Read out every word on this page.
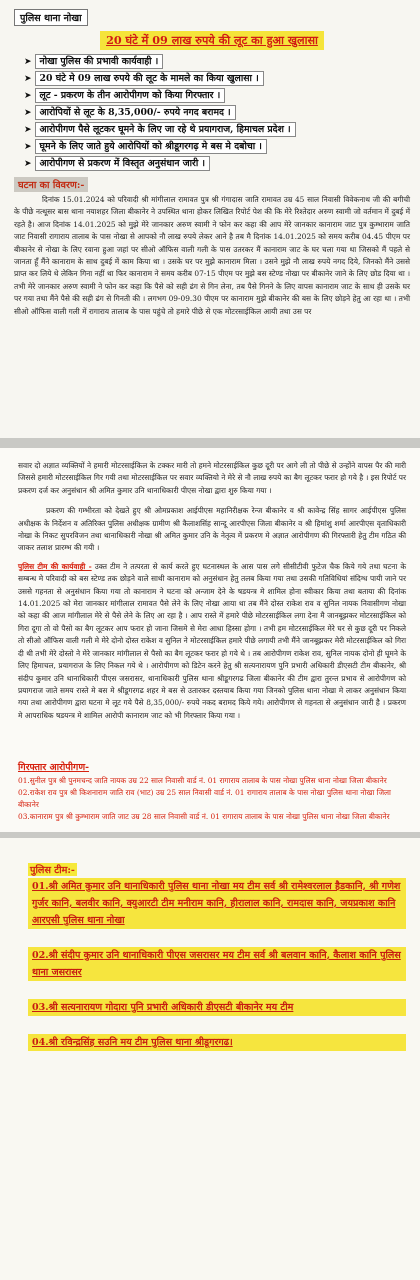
पुलिस थाना नोखा
20 घंटे में 09 लाख रुपये की लूट का हुआ खुलासा
➤ नोखा पुलिस की प्रभावी कार्यवाही ।
➤ 20 घंटे मे 09 लाख रुपये की लूट के मामले का किया खुलासा ।
➤ लूट - प्रकरण के तीन आरोपीगण को किया गिरफ्तार ।
➤ आरोपियों से लूट के 8,35,000/- रुपये नगद बरामद ।
➤ आरोपीगण पैसे लूटकर घूमने के लिए जा रहे थे प्रयागराज, हिमाचल प्रदेश ।
➤ घूमने के लिए जाते हुये आरोपियों को श्रीडूगरगढ़ मे बस मे दबोचा ।
➤ आरोपीगण से प्रकरण में विस्तृत अनुसंधान जारी ।
घटना का विवरण:-

दिनांक 15.01.2024 को परिवादी श्री मांगीलाल रामावत पुत्र श्री गंगादास जाति रामावत उम्र 45 साल निवासी विवेकनाथ जी की बगीची के पीछे नत्थूसर बास थाना नयाशहर जिला बीकानेर ने उपस्थित थाना होकर लिखित रिपोर्ट पेश की कि मेरे रिश्तेदार अरुण स्वामी जो वर्तमान में दुबई में रहते है। आज दिनांक 14.01.2025 को मुझे मेरे जानकार अरुण स्वामी ने फोन कर कहा की आप मेरे जानकार कानाराम जाट पुत्र कुम्भाराम जाति जाट निवासी रागाराय तालाब के पास नोखा से आपको नौ लाख रुपये लेकर आने है तब मै दिनांक 14.01.2025 को समय करीब 04.45 पीएम पर बीकानेर से नोखा के लिए रवाना हुआ जहां पर सीओ ऑफिस वाली गली के पास उतरकर मैं कानाराम जाट के घर चला गया था जिसको मैं पहले से जानता हूँ मैंने कानाराम के साथ दुबई में काम किया था । उसके घर पर मुझे कानाराम मिला । उसने मुझे नौ लाख रुपये नगद दिये, जिनको मैंने उससे प्राप्त कर लिये थे लेकिन गिना नहीं था फिर कानाराम ने समय करीब 07-15 पीएम पर मुझे बस स्टेण्ड नोखा पर बीकानेर जाने के लिए छोड दिया था । तभी मेरे जानकार अरुण स्वामी ने फोन कर कहा कि पैसे को सही ढंग से गिन लेना, तब पैसे गिनने के लिए वापस कानाराम जाट के साथ ही उसके घर पर गया तथा मैंने पैसे की सही ढंग से गिनती की । लगभग 09-09.30 पीएम पर कानाराम मुझे बीकानेर की बस के लिए छोड़ने हेतु आ रहा था । तभी सीओ ऑफिस वाली गली में रागाराय तालाब के पास पहुंचे तो हमारे पीछे से एक मोटरसाईकिल आयी तथा उस पर

सवार दो अज्ञात व्यक्तियों ने हमारी मोटरसाईकिल के टक्कर मारी तो हमने मोटरसाईकिल कुछ दूरी पर आगे ली तो पीछे से उन्होंने वापस पैर की मारी जिससे हमारी मोटरसाईकिल गिर गयी तथा मोटरसाईकिल पर सवार व्यक्तियो ने मेरे से नौ लाख रुपये का बैग लूटकर फरार हो गये है । इस रिपोर्ट पर प्रकरण दर्ज कर अनुसंधान श्री अमित कुमार उनि थानाधिकारी पीएस नोखा द्वारा शुरु किया गया ।

प्रकरण की गम्भीरता को देखते हुए श्री ओमप्रकाश आईपीएस महानिरीक्षक रेन्ज बीकानेर व श्री कावेन्द्र सिंह सागर आईपीएस पुलिस अधीक्षक के निर्देशन व अतिरिक्त पुलिस अधीक्षक ग्रामीण श्री कैलाशसिंह सान्दू आरपीएस जिला बीकानेर व श्री हिमांशु शर्मा आरपीएस वृताधिकारी नोखा के निकट सुपरविजन तथा थानाधिकारी नोखा श्री अमित कुमार उनि के नेतृत्व में प्रकरण मे अज्ञात आरोपीगण की गिरफ्तारी हेतु टीम गठित की जाकर तलाश प्रारम्भ की गयी ।

पुलिस टीम की कार्यवाही - उक्त टीम ने तत्परता से कार्य करते हुए घटनास्थल के आस पास लगे सीसीटीवी फुटेज चैक किये गये तथा घटना के सम्बन्ध मे परिवादी को बस स्टेण्ड तक छोड़ने वाले साथी कानाराम को अनुसंधान हेतु तलब किया गया तथा उसकी गतिविधियां संदिग्ध पायी जाने पर उससे गहनता से अनुसंधान किया गया तो कानाराम ने घटना को अन्जाम देने के षडयन्त्र मे शामिल होना स्वीकार किया तथा बताया की दिनांक 14.01.2025 को मेरा जानकार मांगीलाल रामावत पैसे लेने के लिए नोखा आया था तब मैंने दोस्त राकेश राव व सुनिल नायक निवासीगण नोखा को कहा की आज मांगीलाल मेरे से पैसे लेने के लिए आ रहा है । आप रास्ते में हमारे पीछे मोटरसाईकिल लगा देना मै जानबूझकर मोटरसाईकिल को गिरा दूगा तो वो पैसो का बैग लूटकर आप फरार हो जाना जिसमे से मेरा आधा हिस्सा होगा । तभी हम मोटरसाईकिल मेरे घर से कुछ दूरी पर निकले तो सीओ ऑफिस वाली गली मे मेरे दोनो दोस्त राकेश व सुनिल ने मोटरसाईकिल हमारे पीछे लगायी तभी मैंने जानबूझकर मेरी मोटरसाईकिल को गिरा दी थी तभी मेरे दोस्तो ने मेरे जानकार मांगीलाल से पैसो का बैग लूटकर फरार हो गये थे । तब आरोपीगण राकेश राव, सुनिल नायक दोनो ही घूमने के लिए हिमाचल, प्रयागराज के लिए निकल गये थे । आरोपीगण को डिटेन करने हेतु श्री सत्यनारायण पुनि प्रभारी अधिकारी डीएसटी टीम बीकानेर, श्री संदीप कुमार उनि थानाधिकारी पीएस जसरासर, थानाधिकारी पुलिस थाना श्रीडूगरगढ जिला बीकानेर की टीम द्वारा तुरन्त प्रभाव से आरोपीगण को प्रयागराज जाते समय रास्ते मे बस मे श्रीडूगरगढ शहर मे बस से उतारकर दस्तयाब किया गया जिनको पुलिस थाना नोखा मे लाकर अनुसंधान किया गया तथा आरोपीगण द्वारा घटना मे लूट गये पैसे 8,35,000/- रुपये नकद बरामद किये गये। आरोपीगण से गहनता से अनुसंधान जारी है । प्रकरण मे आपराधिक षडयन्त्र मे शामिल आरोपी कानाराम जाट को भी गिरफ्तार किया गया ।

पुलिस टीम:-
01.श्री अमित कुमार उनि थानाधिकारी पुलिस थाना नोखा मय टीम सर्व श्री रामेश्वरलाल हैडकानि, श्री गणेश गुर्जर कानि, बलवीर कानि, क्युआरटी टीम मनीराम कानि, हीरालाल कानि, रामदास कानि, जयप्रकाश कानि आरएसी पुलिस थाना नोखा
02.श्री संदीप कुमार उनि थानाधिकारी पीएस जसरासर मय टीम सर्व श्री बलवान कानि, कैलाश कानि पुलिस थाना जसरासर
03.श्री सत्यनारायण गोदारा पुनि प्रभारी अधिकारी डीएसटी बीकानेर मय टीम
04.श्री रविन्द्रसिंह सउनि मय टीम पुलिस थाना श्रीडूगरगढ।
गिरफ्तार आरोपीगण-

01.सुनील पुत्र श्री पुनमचन्द जाति नायक उम्र 22 साल निवासी वार्ड नं. 01 रागाराय तालाब के पास नोखा पुलिस थाना नोखा जिला बीकानेर

02.राकेश राव पुत्र श्री किशनाराम जाति राव (भाट) उम्र 25 साल निवासी वार्ड नं. 01 रागाराय तालाब के पास नोखा पुलिस थाना नोखा जिला बीकानेर

03.कानाराम पुत्र श्री कुम्भाराम जाति जाट उम्र 28 साल निवासी वार्ड नं. 01 रागाराय तालाब के पास नोखा पुलिस थाना नोखा जिला बीकानेर
